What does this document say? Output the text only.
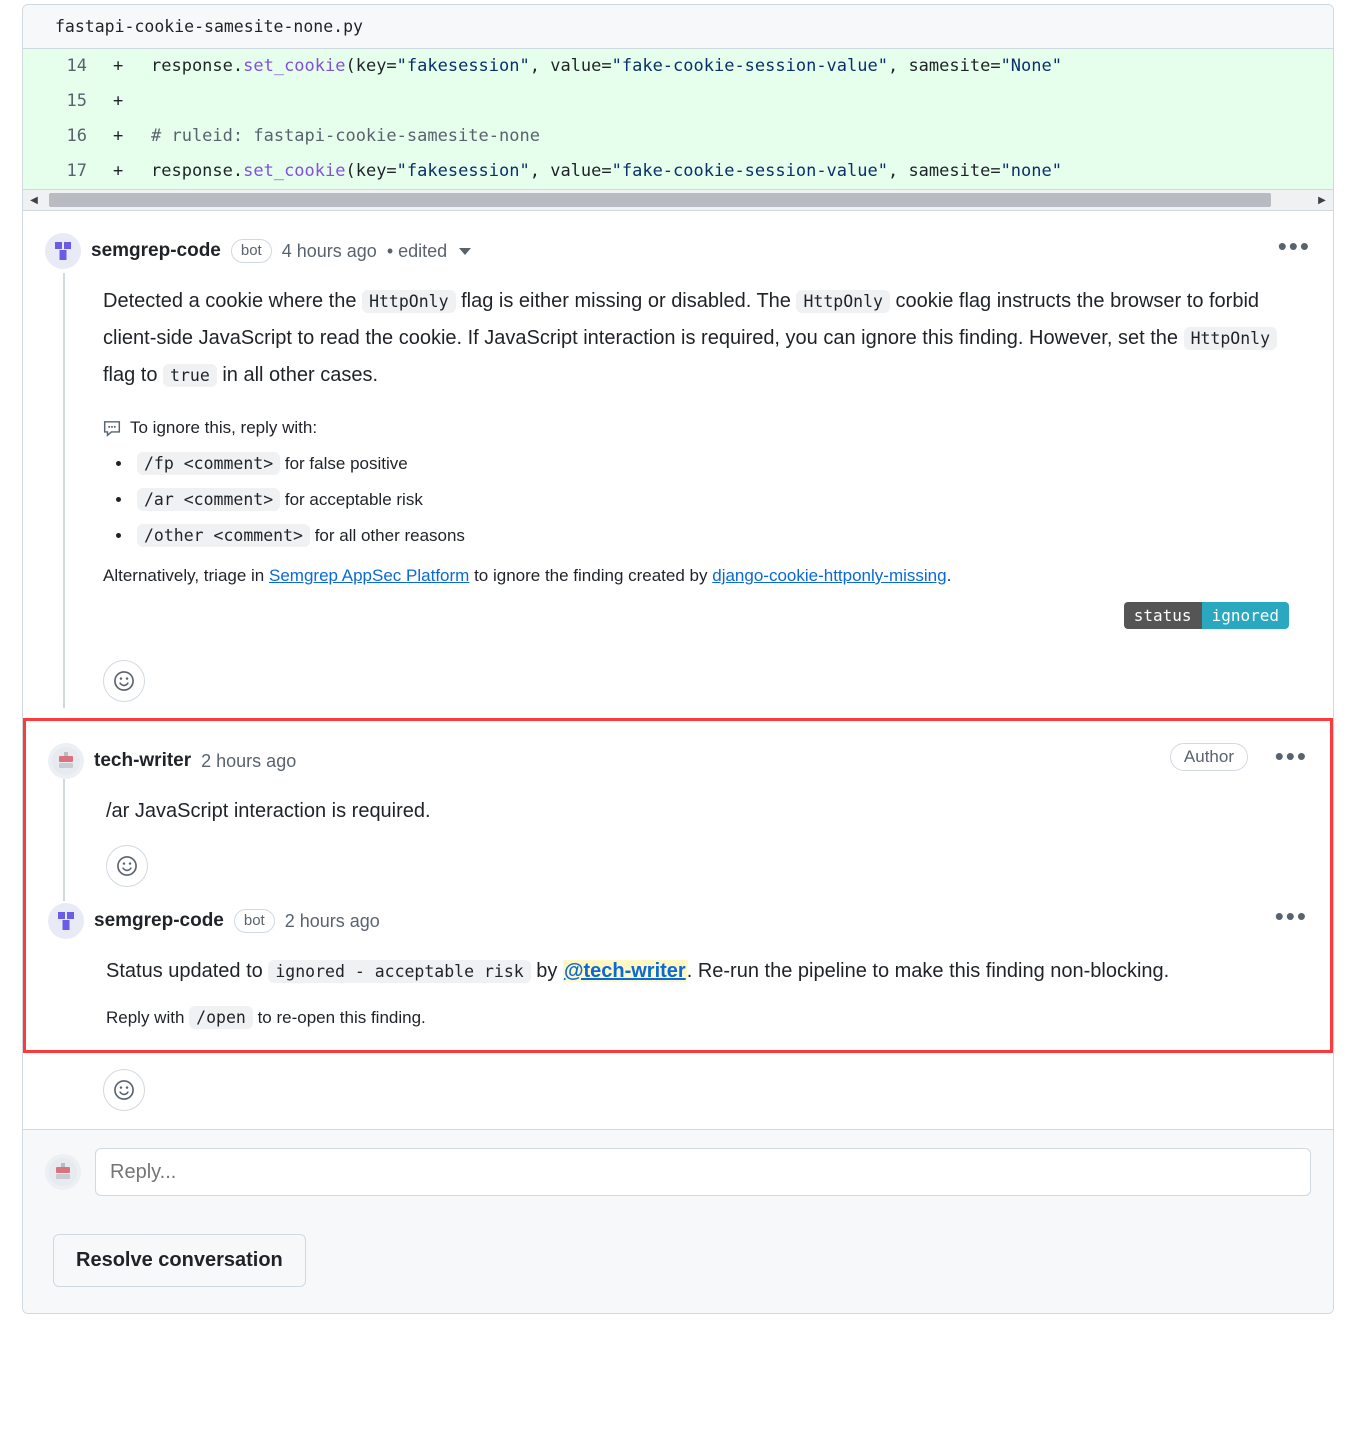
fastapi-cookie-samesite-none.py
14 + response.set_cookie(key="fakesession", value="fake-cookie-session-value", samesite="None"
15 +
16 + # ruleid: fastapi-cookie-samesite-none
17 + response.set_cookie(key="fakesession", value="fake-cookie-session-value", samesite="none"
◀	▶
semgrep-code	bot	4 hours ago • edited	•••
Detected a cookie where the HttpOnly flag is either missing or disabled. The HttpOnly cookie flag instructs the browser to forbid client-side JavaScript to read the cookie. If JavaScript interaction is required, you can ignore this finding. However, set the HttpOnly flag to true in all other cases.
To ignore this, reply with:
• /fp <comment> for false positive
• /ar <comment> for acceptable risk
• /other <comment> for all other reasons
Alternatively, triage in Semgrep AppSec Platform to ignore the finding created by django-cookie-httponly-missing.
status	ignored
tech-writer 2 hours ago	Author	•••
/ar JavaScript interaction is required.
semgrep-code	bot	2 hours ago	•••
Status updated to ignored - acceptable risk by @tech-writer. Re-run the pipeline to make this finding non-blocking.
Reply with /open to re-open this finding.
Reply...
Resolve conversation
